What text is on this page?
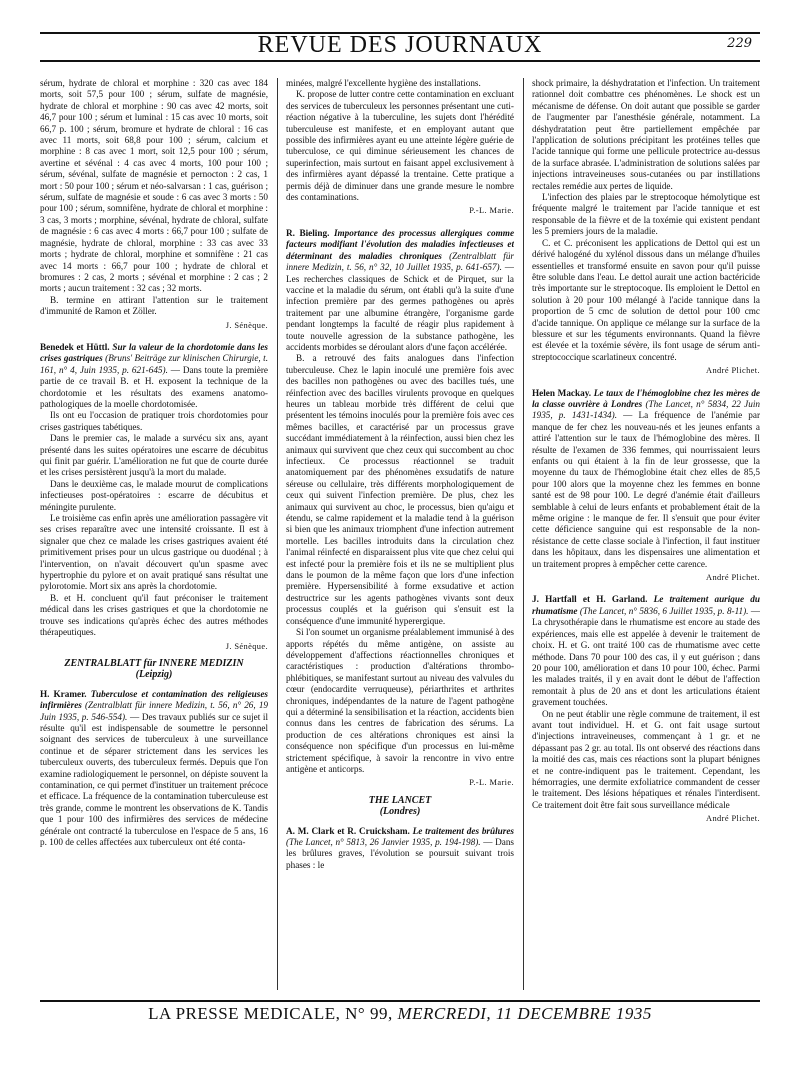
REVUE DES JOURNAUX	229

sérum, hydrate de chloral et morphine : 320 cas avec 184 morts, soit 57,5 pour 100 ; sérum, sulfate de magnésie, hydrate de chloral et morphine : 90 cas avec 42 morts, soit 46,7 pour 100 ; sérum et luminal : 15 cas avec 10 morts, soit 66,7 p. 100 ; sérum, bromure et hydrate de chloral : 16 cas avec 11 morts, soit 68,8 pour 100 ; sérum, calcium et morphine : 8 cas avec 1 mort, soit 12,5 pour 100 ; sérum, avertine et sévénal : 4 cas avec 4 morts, 100 pour 100 ; sérum, sévénal, sulfate de magnésie et pernocton : 2 cas, 1 mort : 50 pour 100 ; sérum et néo-salvarsan : 1 cas, guérison ; sérum, sulfate de magnésie et soude : 6 cas avec 3 morts : 50 pour 100 ; sérum, somnifène, hydrate de chloral et morphine : 3 cas, 3 morts ; morphine, sévénal, hydrate de chloral, sulfate de magnésie : 6 cas avec 4 morts : 66,7 pour 100 ; sulfate de magnésie, hydrate de chloral, morphine : 33 cas avec 33 morts ; hydrate de chloral, morphine et somnifène : 21 cas avec 14 morts : 66,7 pour 100 ; hydrate de chloral et bromures : 2 cas, 2 morts ; sévénal et morphine : 2 cas ; 2 morts ; aucun traitement : 32 cas ; 32 morts.

B. termine en attirant l'attention sur le traitement d'immunité de Ramon et Zöller.

J. Sénèque.

Benedek et Hüttl. Sur la valeur de la chordotomie dans les crises gastriques (Bruns' Beiträge zur klinischen Chirurgie, t. 161, n° 4, Juin 1935, p. 621-645). — Dans toute la première partie de ce travail B. et H. exposent la technique de la chordotomie et les résultats des examens anatomo-pathologiques de la moelle chordotomisée.

Ils ont eu l'occasion de pratiquer trois chordotomies pour crises gastriques tabétiques.

Dans le premier cas, le malade a survécu six ans, ayant présenté dans les suites opératoires une escarre de décubitus qui finit par guérir. L'amélioration ne fut que de courte durée et les crises persistèrent jusqu'à la mort du malade.

Dans le deuxième cas, le malade mourut de complications infectieuses post-opératoires : escarre de décubitus et méningite purulente.

Le troisième cas enfin après une amélioration passagère vit ses crises reparaître avec une intensité croissante. Il est à signaler que chez ce malade les crises gastriques avaient été primitivement prises pour un ulcus gastrique ou duodénal ; à l'intervention, on n'avait découvert qu'un spasme avec hypertrophie du pylore et on avait pratiqué sans résultat une pylorotomie. Mort six ans après la chordotomie.

B. et H. concluent qu'il faut préconiser le traitement médical dans les crises gastriques et que la chordotomie ne trouve ses indications qu'après échec des autres méthodes thérapeutiques.

J. Sénèque.
ZENTRALBLATT für INNERE MEDIZIN
(Leipzig)

H. Kramer. Tuberculose et contamination des religieuses infirmières (Zentralblatt für innere Medizin, t. 56, n° 26, 19 Juin 1935, p. 546-554). — Des travaux publiés sur ce sujet il résulte qu'il est indispensable de soumettre le personnel soignant des services de tuberculeux à une surveillance continue et de séparer strictement dans les services les tuberculeux ouverts, des tuberculeux fermés. Depuis que l'on examine radiologiquement le personnel, on dépiste souvent la contamination, ce qui permet d'instituer un traitement précoce et efficace. La fréquence de la contamination tuberculeuse est très grande, comme le montrent les observations de K. Tandis que 1 pour 100 des infirmières des services de médecine générale ont contracté la tuberculose en l'espace de 5 ans, 16 p. 100 de celles affectées aux tuberculeux ont été conta-

minées, malgré l'excellente hygiène des installations.

K. propose de lutter contre cette contamination en excluant des services de tuberculeux les personnes présentant une cuti-réaction négative à la tuberculine, les sujets dont l'hérédité tuberculeuse est manifeste, et en employant autant que possible des infirmières ayant eu une atteinte légère guérie de tuberculose, ce qui diminue sérieusement les chances de superinfection, mais surtout en faisant appel exclusivement à des infirmières ayant dépassé la trentaine. Cette pratique a permis déjà de diminuer dans une grande mesure le nombre des contaminations.

P.-L. Marie.

R. Bieling. Importance des processus allergiques comme facteurs modifiant l'évolution des maladies infectieuses et déterminant des maladies chroniques (Zentralblatt für innere Medizin, t. 56, n° 32, 10 Juillet 1935, p. 641-657). — Les recherches classiques de Schick et de Pirquet, sur la vaccine et la maladie du sérum, ont établi qu'à la suite d'une infection première par des germes pathogènes ou après traitement par une albumine étrangère, l'organisme garde pendant longtemps la faculté de réagir plus rapidement à toute nouvelle agression de la substance pathogène, les accidents morbides se déroulant alors d'une façon accélérée.

B. a retrouvé des faits analogues dans l'infection tuberculeuse. Chez le lapin inoculé une première fois avec des bacilles non pathogènes ou avec des bacilles tués, une réinfection avec des bacilles virulents provoque en quelques heures un tableau morbide très différent de celui que présentent les témoins inoculés pour la première fois avec ces mêmes bacilles, et caractérisé par un processus grave succédant immédiatement à la réinfection, aussi bien chez les animaux qui survivent que chez ceux qui succombent au choc infectieux. Ce processus réactionnel se traduit anatomiquement par des phénomènes exsudatifs de nature séreuse ou cellulaire, très différents morphologiquement de ceux qui suivent l'infection première. De plus, chez les animaux qui survivent au choc, le processus, bien qu'aigu et étendu, se calme rapidement et la maladie tend à la guérison si bien que les animaux triomphent d'une infection autrement mortelle. Les bacilles introduits dans la circulation chez l'animal réinfecté en disparaissent plus vite que chez celui qui est infecté pour la première fois et ils ne se multiplient plus dans le poumon de la même façon que lors d'une infection première. Hypersensibilité à forme exsudative et action destructrice sur les agents pathogènes vivants sont deux processus couplés et la guérison qui s'ensuit est la conséquence d'une immunité hyperergique.

Si l'on soumet un organisme préalablement immunisé à des apports répétés du même antigène, on assiste au développement d'affections réactionnelles chroniques et caractéristiques : production d'altérations thrombo-phlébitiques, se manifestant surtout au niveau des valvules du cœur (endocardite verruqueuse), périarthrites et arthrites chroniques, indépendantes de la nature de l'agent pathogène qui a déterminé la sensibilisation et la réaction, accidents bien connus dans les centres de fabrication des sérums. La production de ces altérations chroniques est ainsi la conséquence non spécifique d'un processus en lui-même strictement spécifique, à savoir la rencontre in vivo entre antigène et anticorps.

P.-L. Marie.
THE LANCET
(Londres)

A. M. Clark et R. Cruicksham. Le traitement des brûlures (The Lancet, n° 5813, 26 Janvier 1935, p. 194-198). — Dans les brûlures graves, l'évolution se poursuit suivant trois phases : le

shock primaire, la déshydratation et l'infection. Un traitement rationnel doit combattre ces phénomènes. Le shock est un mécanisme de défense. On doit autant que possible se garder de l'augmenter par l'anesthésie générale, notamment. La déshydratation peut être partiellement empêchée par l'application de solutions précipitant les protéines telles que l'acide tannique qui forme une pellicule protectrice au-dessus de la surface abrasée. L'administration de solutions salées par injections intraveineuses sous-cutanées ou par instillations rectales remédie aux pertes de liquide.

L'infection des plaies par le streptocoque hémolytique est fréquente malgré le traitement par l'acide tannique et est responsable de la fièvre et de la toxémie qui existent pendant les 5 premiers jours de la maladie.

C. et C. préconisent les applications de Dettol qui est un dérivé halogéné du xylénol dissous dans un mélange d'huiles essentielles et transformé ensuite en savon pour qu'il puisse être soluble dans l'eau. Le dettol aurait une action bactéricide très importante sur le streptocoque. Ils emploient le Dettol en solution à 20 pour 100 mélangé à l'acide tannique dans la proportion de 5 cmc de solution de dettol pour 100 cmc d'acide tannique. On applique ce mélange sur la surface de la blessure et sur les téguments environnants. Quand la fièvre est élevée et la toxémie sévère, ils font usage de sérum anti-streptococcique scarlatineux concentré.

André Plichet.

Helen Mackay. Le taux de l'hémoglobine chez les mères de la classe ouvrière à Londres (The Lancet, n° 5834, 22 Juin 1935, p. 1431-1434). — La fréquence de l'anémie par manque de fer chez les nouveau-nés et les jeunes enfants a attiré l'attention sur le taux de l'hémoglobine des mères. Il résulte de l'examen de 336 femmes, qui nourrissaient leurs enfants ou qui étaient à la fin de leur grossesse, que la moyenne du taux de l'hémoglobine était chez elles de 85,5 pour 100 alors que la moyenne chez les femmes en bonne santé est de 98 pour 100. Le degré d'anémie était d'ailleurs semblable à celui de leurs enfants et probablement était de la même origine : le manque de fer. Il s'ensuit que pour éviter cette déficience sanguine qui est responsable de la non-résistance de cette classe sociale à l'infection, il faut instituer dans les hôpitaux, dans les dispensaires une alimentation et un traitement propres à empêcher cette carence.

André Plichet.

J. Hartfall et H. Garland. Le traitement aurique du rhumatisme (The Lancet, n° 5836, 6 Juillet 1935, p. 8-11). — La chrysothérapie dans le rhumatisme est encore au stade des expériences, mais elle est appelée à devenir le traitement de choix. H. et G. ont traité 100 cas de rhumatisme avec cette méthode. Dans 70 pour 100 des cas, il y eut guérison ; dans 20 pour 100, amélioration et dans 10 pour 100, échec. Parmi les malades traités, il y en avait dont le début de l'affection remontait à plus de 20 ans et dont les articulations étaient gravement touchées.

On ne peut établir une règle commune de traitement, il est avant tout individuel. H. et G. ont fait usage surtout d'injections intraveineuses, commençant à 1 gr. et ne dépassant pas 2 gr. au total. Ils ont observé des réactions dans la moitié des cas, mais ces réactions sont la plupart bénignes et ne contre-indiquent pas le traitement. Cependant, les hémorragies, une dermite exfoliatrice commandent de cesser le traitement. Des lésions hépatiques et rénales l'interdisent. Ce traitement doit être fait sous surveillance médicale

André Plichet.
LA PRESSE MEDICALE, N° 99, MERCREDI, 11 DECEMBRE 1935
